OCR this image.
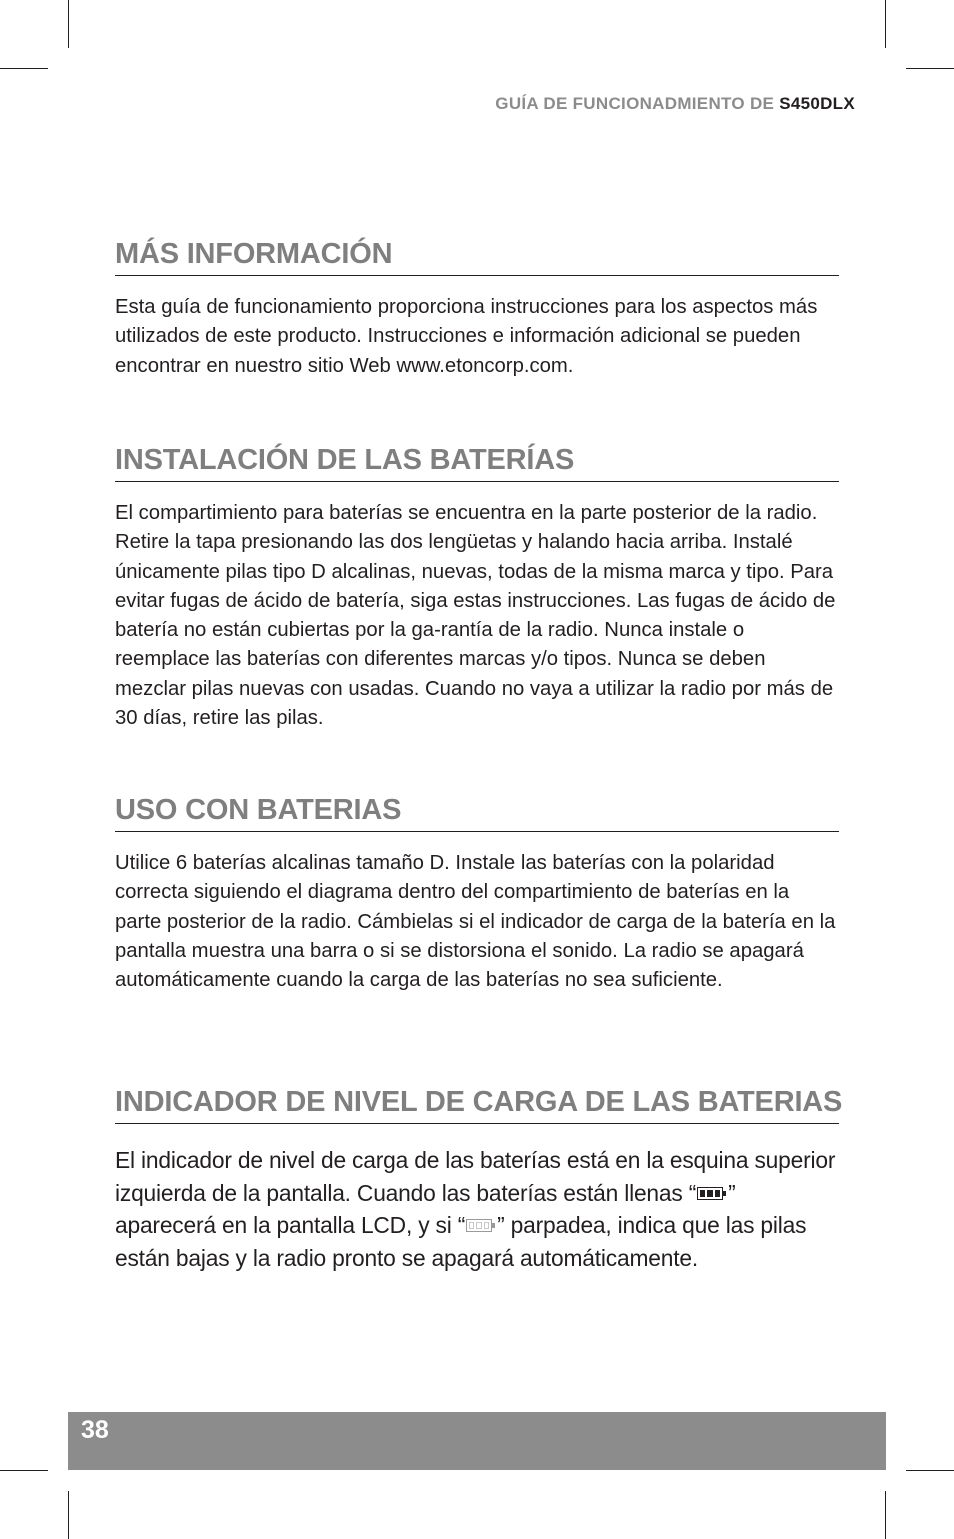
GUÍA DE FUNCIONADMIENTO DE S450DLX
MÁS INFORMACIÓN

Esta guía de funcionamiento proporciona instrucciones para los aspectos más utilizados de este producto. Instrucciones e información adicional se pueden encontrar en nuestro sitio Web www.etoncorp.com.

INSTALACIÓN DE LAS BATERÍAS

El compartimiento para baterías se encuentra en la parte posterior de la radio. Retire la tapa presionando las dos lengüetas y halando hacia arriba. Instalé únicamente pilas tipo D alcalinas, nuevas, todas de la misma marca y tipo. Para evitar fugas de ácido de batería, siga estas instrucciones. Las fugas de ácido de batería no están cubiertas por la ga-rantía de la radio. Nunca instale o reemplace las baterías con diferentes marcas y/o tipos. Nunca se deben mezclar pilas nuevas con usadas. Cuando no vaya a utilizar la radio por más de 30 días, retire las pilas.

USO CON BATERIAS

Utilice 6 baterías alcalinas tamaño D. Instale las baterías con la polaridad correcta siguiendo el diagrama dentro del compartimiento de baterías en la parte posterior de la radio. Cámbielas si el indicador de carga de la batería en la pantalla muestra una barra o si se distorsiona el sonido. La radio se apagará automáticamente cuando la carga de las baterías no sea suficiente.

INDICADOR DE NIVEL DE CARGA DE LAS BATERIAS

El indicador de nivel de carga de las baterías está en la esquina superior izquierda de la pantalla. Cuando las baterías están llenas “ ” aparecerá en la pantalla LCD, y si “ ” parpadea, indica que las pilas están bajas y la radio pronto se apagará automáticamente.

38
